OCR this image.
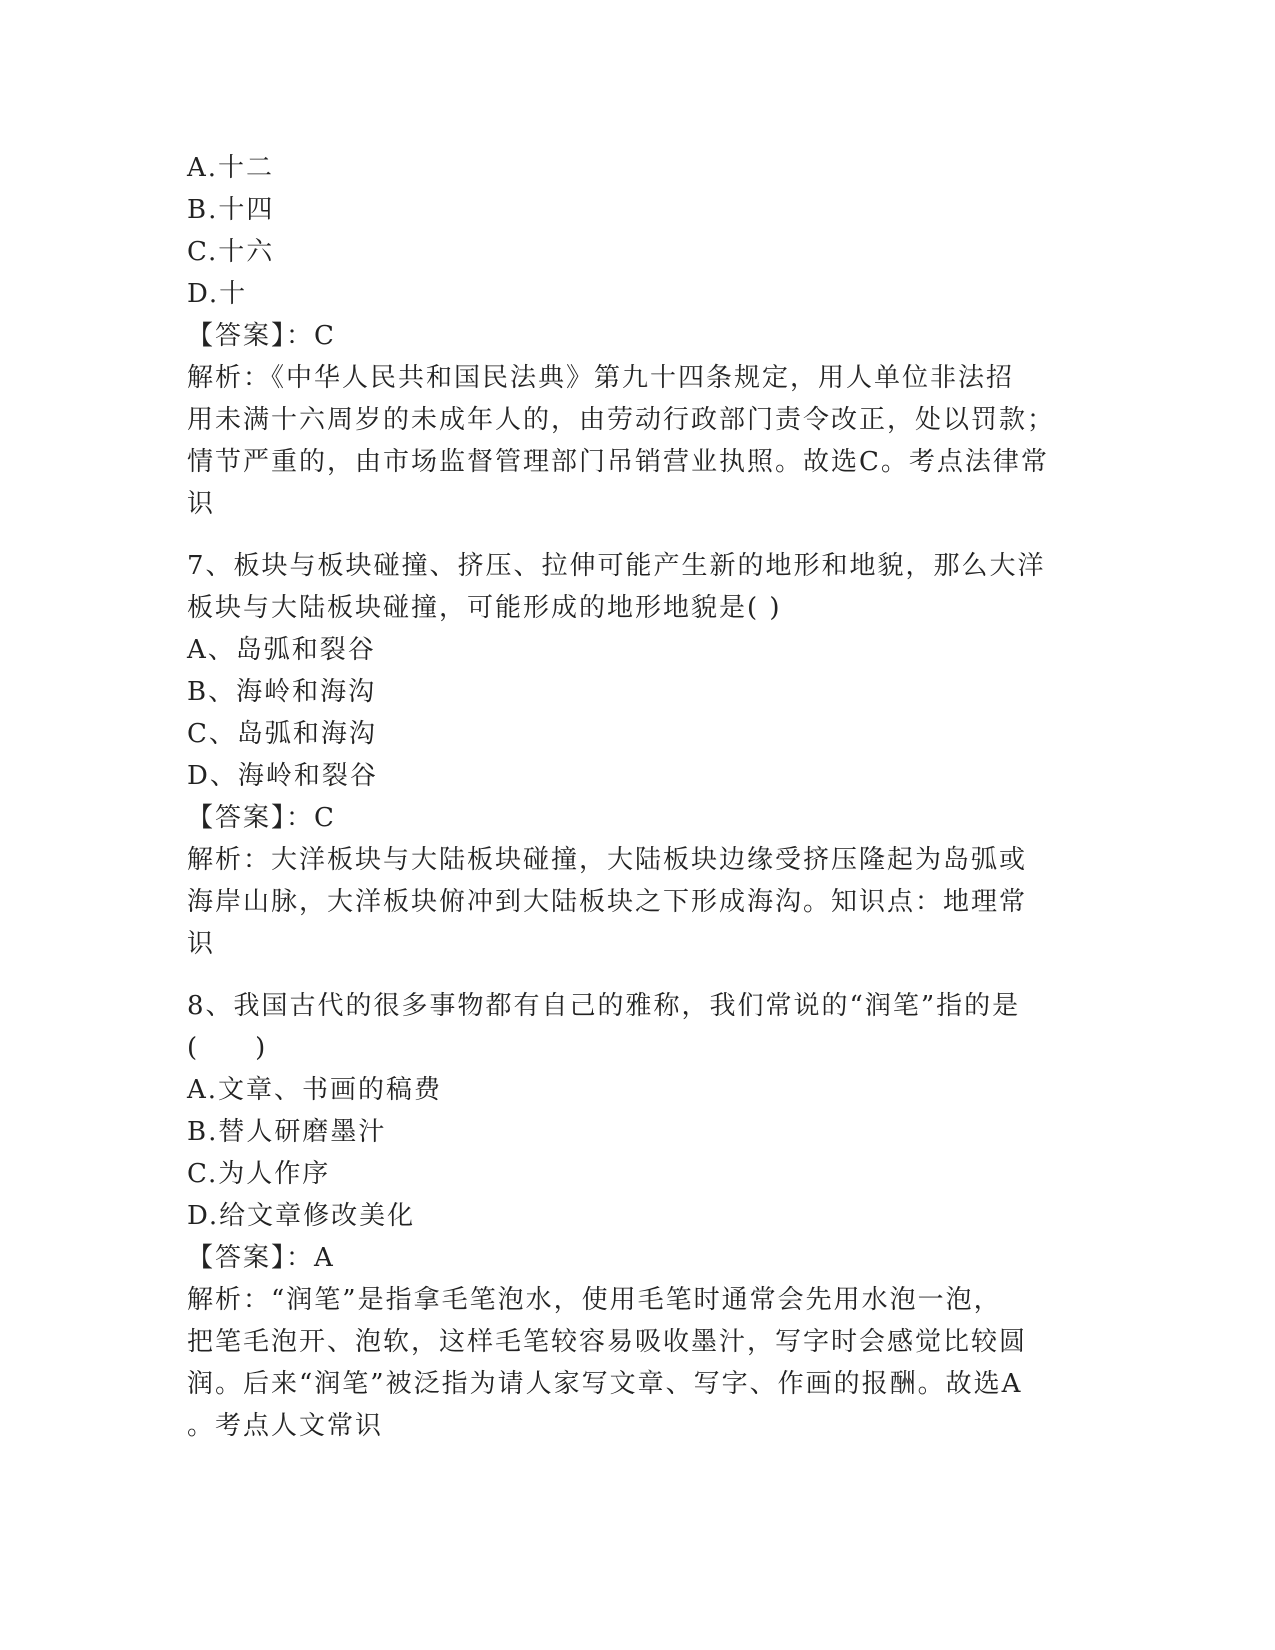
A.十二
B.十四
C.十六
D.十
【答案】：C
解析：《中华人民共和国民法典》第九十四条规定，用人单位非法招
用未满十六周岁的未成年人的，由劳动行政部门责令改正，处以罚款；
情节严重的，由市场监督管理部门吊销营业执照。故选C。考点法律常
识
7、板块与板块碰撞、挤压、拉伸可能产生新的地形和地貌，那么大洋
板块与大陆板块碰撞，可能形成的地形地貌是( )
A、岛弧和裂谷
B、海岭和海沟
C、岛弧和海沟
D、海岭和裂谷
【答案】：C
解析：大洋板块与大陆板块碰撞，大陆板块边缘受挤压隆起为岛弧或
海岸山脉，大洋板块俯冲到大陆板块之下形成海沟。知识点：地理常
识
8、我国古代的很多事物都有自己的雅称，我们常说的“润笔”指的是
(　　)
A.文章、书画的稿费
B.替人研磨墨汁
C.为人作序
D.给文章修改美化
【答案】：A
解析：“润笔”是指拿毛笔泡水，使用毛笔时通常会先用水泡一泡，
把笔毛泡开、泡软，这样毛笔较容易吸收墨汁，写字时会感觉比较圆
润。后来“润笔”被泛指为请人家写文章、写字、作画的报酬。故选A
。考点人文常识
